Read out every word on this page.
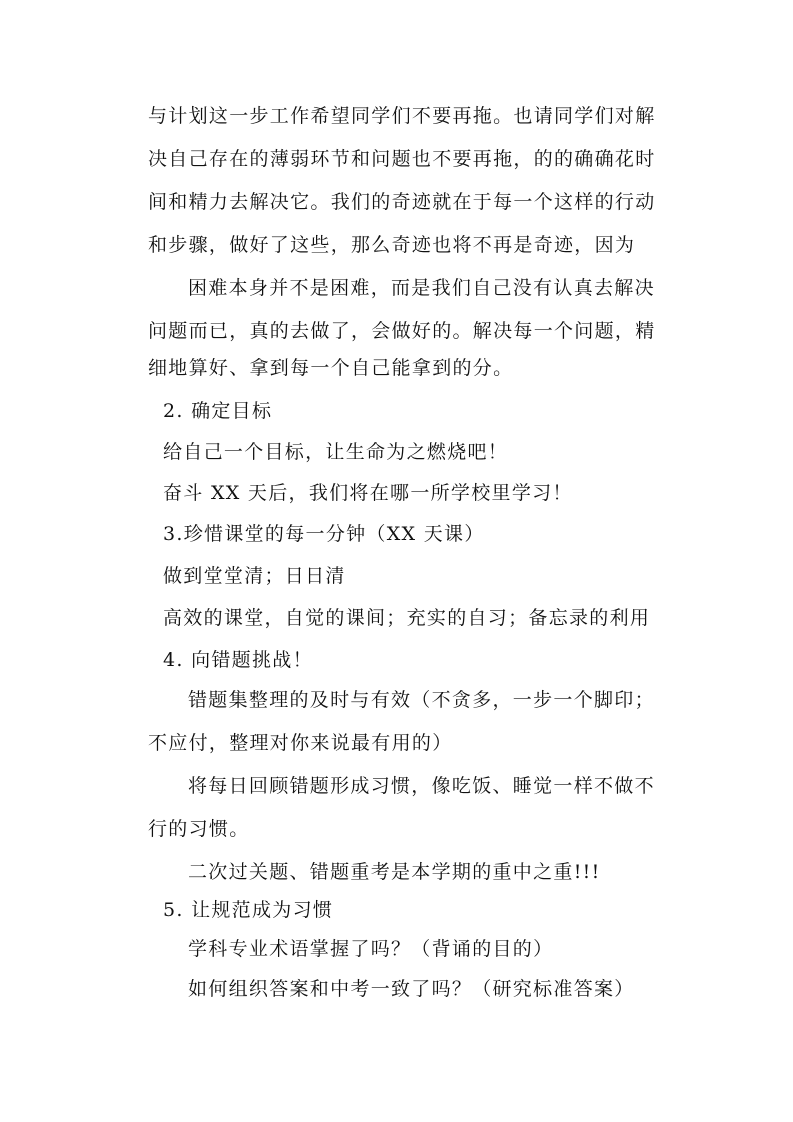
与计划这一步工作希望同学们不要再拖。也请同学们对解
决自己存在的薄弱环节和问题也不要再拖，的的确确花时
间和精力去解决它。我们的奇迹就在于每一个这样的行动
和步骤，做好了这些，那么奇迹也将不再是奇迹，因为
困难本身并不是困难，而是我们自己没有认真去解决
问题而已，真的去做了，会做好的。解决每一个问题，精
细地算好、拿到每一个自己能拿到的分。
2. 确定目标
给自己一个目标，让生命为之燃烧吧！
奋斗 XX 天后，我们将在哪一所学校里学习！
3.珍惜课堂的每一分钟（XX 天课）
做到堂堂清；日日清
高效的课堂，自觉的课间；充实的自习；备忘录的利用
4. 向错题挑战！
错题集整理的及时与有效（不贪多，一步一个脚印；
不应付，整理对你来说最有用的）
将每日回顾错题形成习惯，像吃饭、睡觉一样不做不
行的习惯。
二次过关题、错题重考是本学期的重中之重!!!
5. 让规范成为习惯
学科专业术语掌握了吗？（背诵的目的）
如何组织答案和中考一致了吗？（研究标准答案）
